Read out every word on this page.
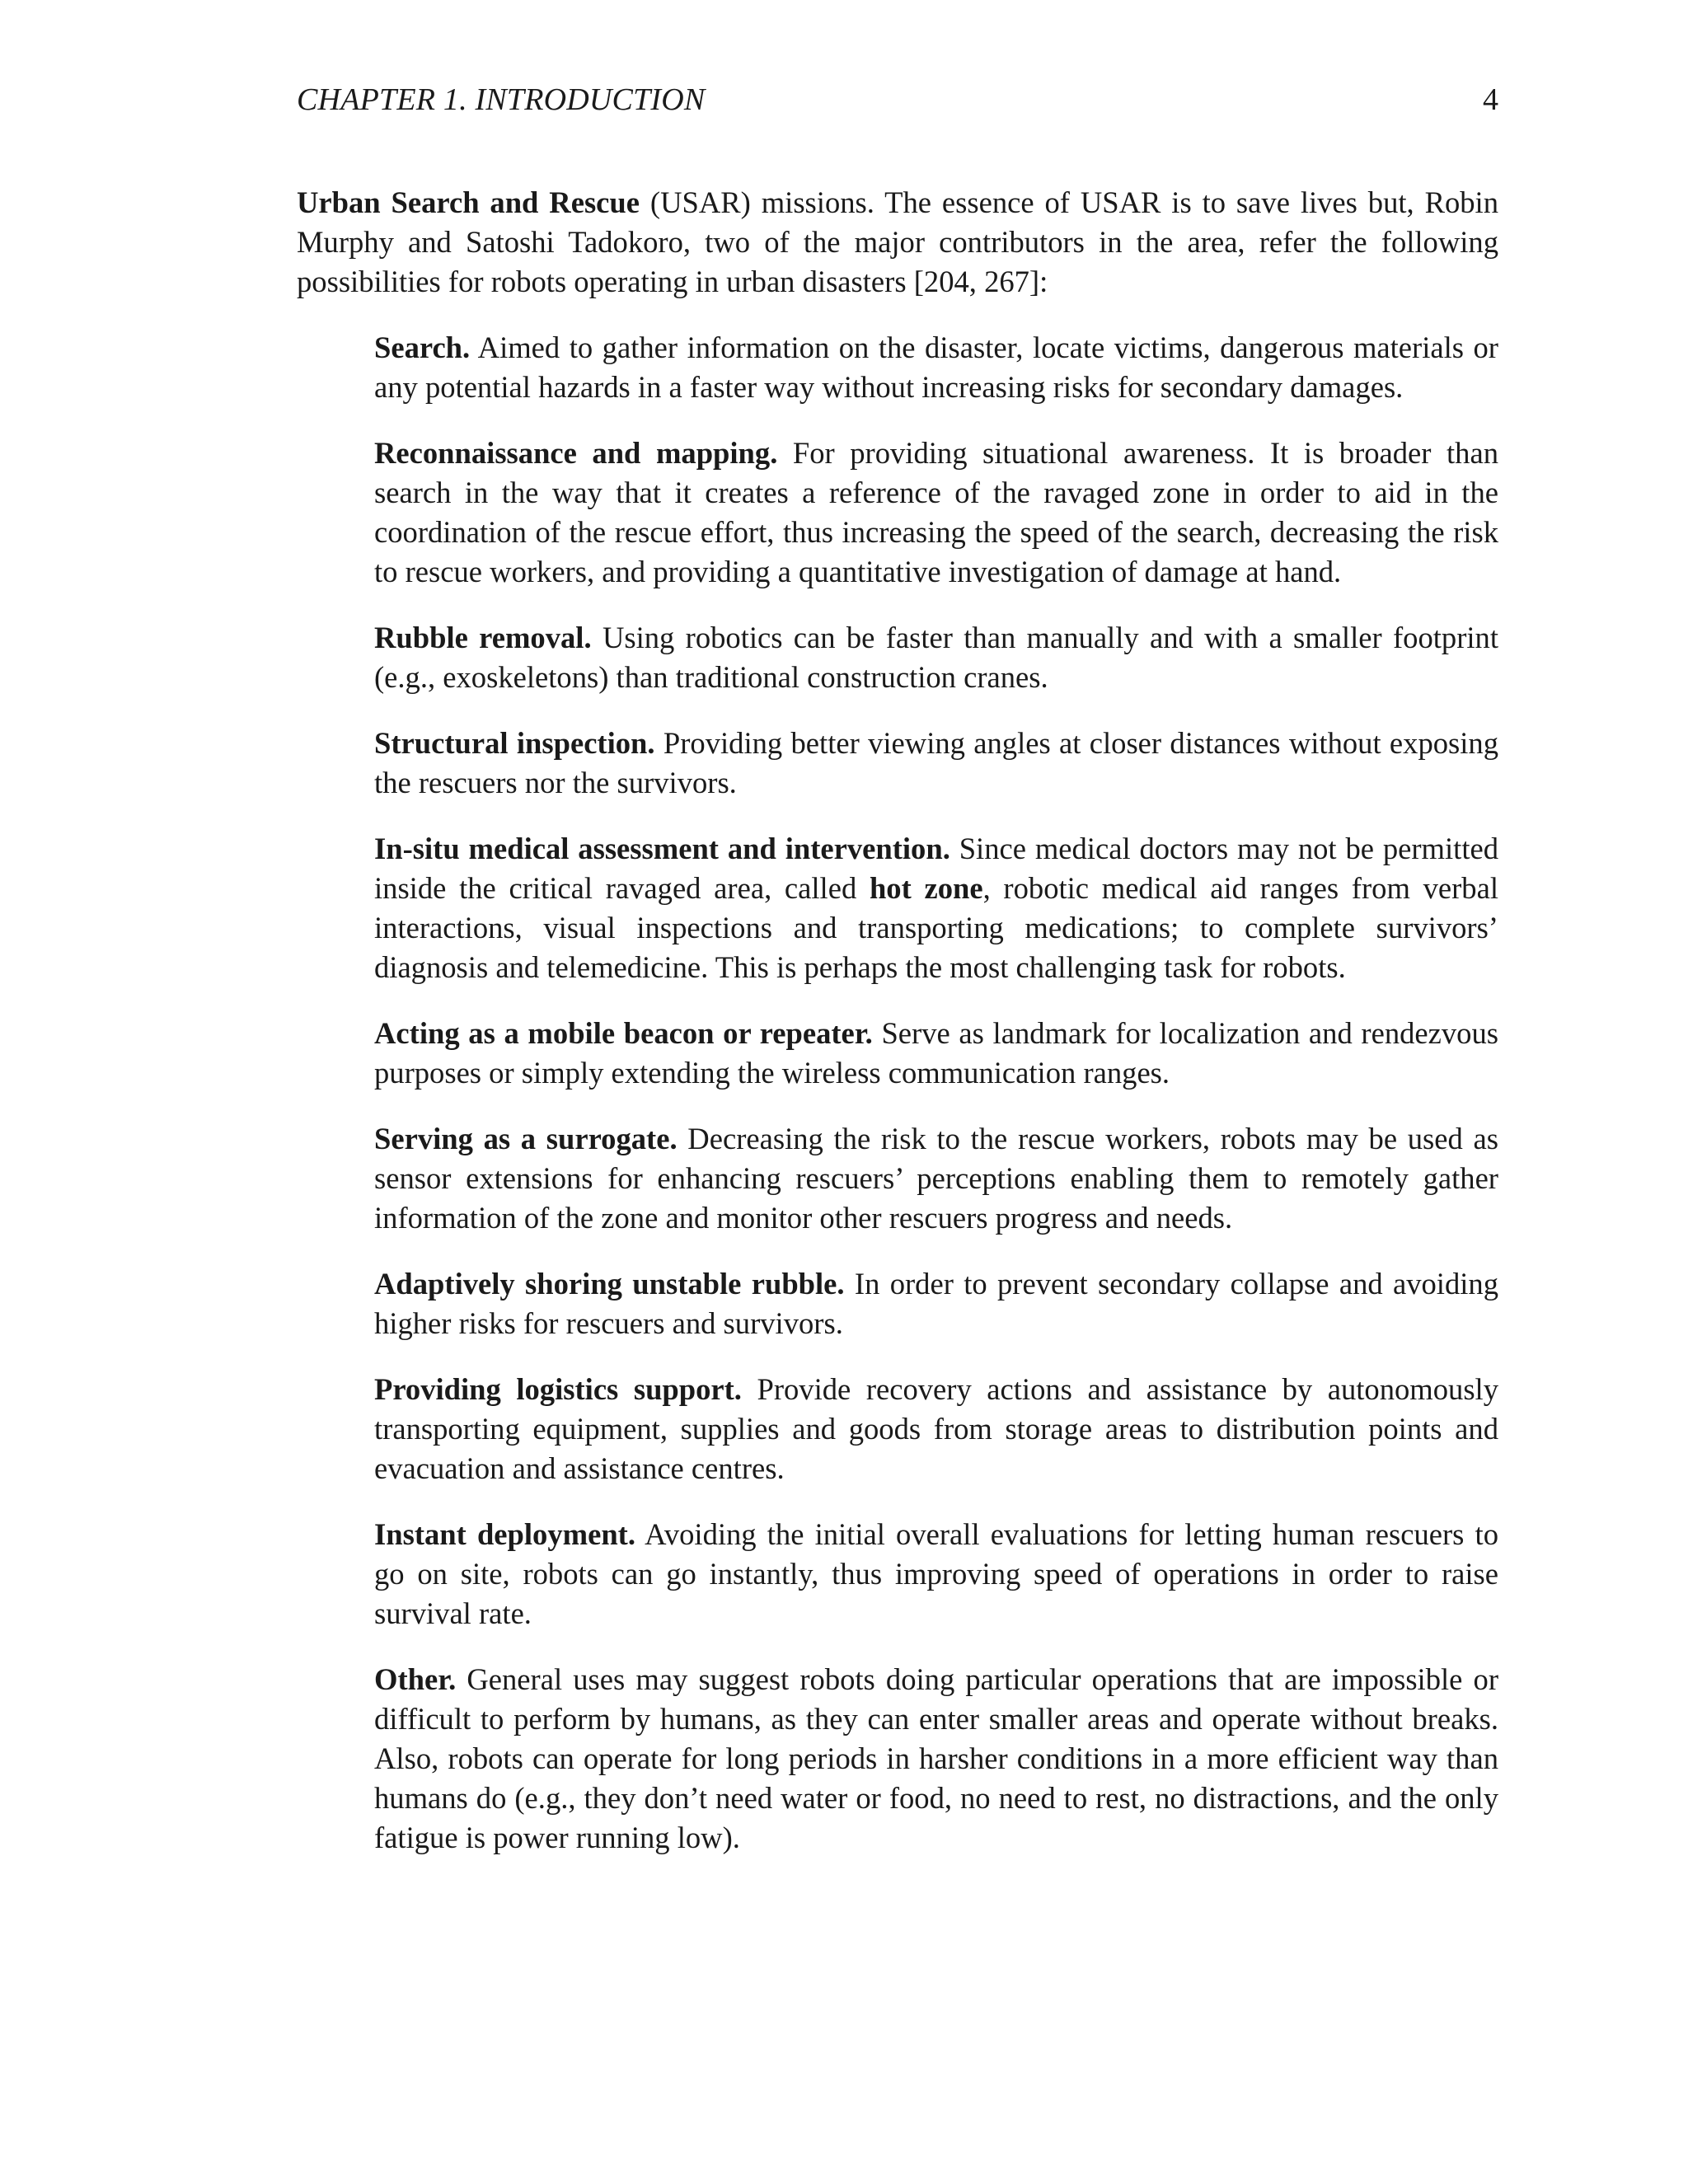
CHAPTER 1. INTRODUCTION	4

Urban Search and Rescue (USAR) missions. The essence of USAR is to save lives but, Robin Murphy and Satoshi Tadokoro, two of the major contributors in the area, refer the following possibilities for robots operating in urban disasters [204, 267]:

Search. Aimed to gather information on the disaster, locate victims, dangerous materials or any potential hazards in a faster way without increasing risks for secondary damages.

Reconnaissance and mapping. For providing situational awareness. It is broader than search in the way that it creates a reference of the ravaged zone in order to aid in the coordination of the rescue effort, thus increasing the speed of the search, decreasing the risk to rescue workers, and providing a quantitative investigation of damage at hand.

Rubble removal. Using robotics can be faster than manually and with a smaller footprint (e.g., exoskeletons) than traditional construction cranes.

Structural inspection. Providing better viewing angles at closer distances without exposing the rescuers nor the survivors.

In-situ medical assessment and intervention. Since medical doctors may not be permitted inside the critical ravaged area, called hot zone, robotic medical aid ranges from verbal interactions, visual inspections and transporting medications; to complete survivors’ diagnosis and telemedicine. This is perhaps the most challenging task for robots.

Acting as a mobile beacon or repeater. Serve as landmark for localization and rendezvous purposes or simply extending the wireless communication ranges.

Serving as a surrogate. Decreasing the risk to the rescue workers, robots may be used as sensor extensions for enhancing rescuers’ perceptions enabling them to remotely gather information of the zone and monitor other rescuers progress and needs.

Adaptively shoring unstable rubble. In order to prevent secondary collapse and avoiding higher risks for rescuers and survivors.

Providing logistics support. Provide recovery actions and assistance by autonomously transporting equipment, supplies and goods from storage areas to distribution points and evacuation and assistance centres.

Instant deployment. Avoiding the initial overall evaluations for letting human rescuers to go on site, robots can go instantly, thus improving speed of operations in order to raise survival rate.

Other. General uses may suggest robots doing particular operations that are impossible or difficult to perform by humans, as they can enter smaller areas and operate without breaks. Also, robots can operate for long periods in harsher conditions in a more efficient way than humans do (e.g., they don’t need water or food, no need to rest, no distractions, and the only fatigue is power running low).
